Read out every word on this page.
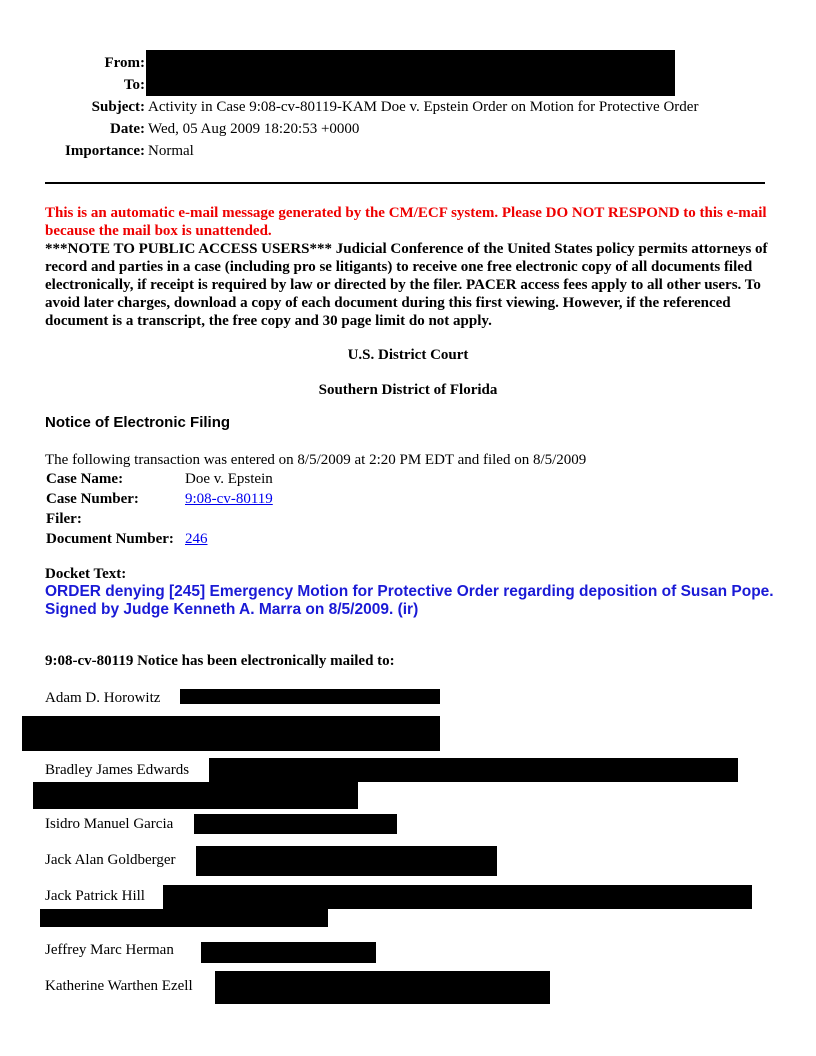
From:
To:
Subject: Activity in Case 9:08-cv-80119-KAM Doe v. Epstein Order on Motion for Protective Order
Date: Wed, 05 Aug 2009 18:20:53 +0000
Importance: Normal
This is an automatic e-mail message generated by the CM/ECF system. Please DO NOT RESPOND to this e-mail because the mail box is unattended.
***NOTE TO PUBLIC ACCESS USERS*** Judicial Conference of the United States policy permits attorneys of record and parties in a case (including pro se litigants) to receive one free electronic copy of all documents filed electronically, if receipt is required by law or directed by the filer. PACER access fees apply to all other users. To avoid later charges, download a copy of each document during this first viewing. However, if the referenced document is a transcript, the free copy and 30 page limit do not apply.
U.S. District Court
Southern District of Florida
Notice of Electronic Filing
The following transaction was entered on 8/5/2009 at 2:20 PM EDT and filed on 8/5/2009
Case Name:	Doe v. Epstein
Case Number:	9:08-cv-80119
Filer:
Document Number: 246
Docket Text:
ORDER denying [245] Emergency Motion for Protective Order regarding deposition of Susan Pope. Signed by Judge Kenneth A. Marra on 8/5/2009. (ir)
9:08-cv-80119 Notice has been electronically mailed to:
Adam D. Horowitz
Bradley James Edwards
Isidro Manuel Garcia
Jack Alan Goldberger
Jack Patrick Hill
Jeffrey Marc Herman
Katherine Warthen Ezell
